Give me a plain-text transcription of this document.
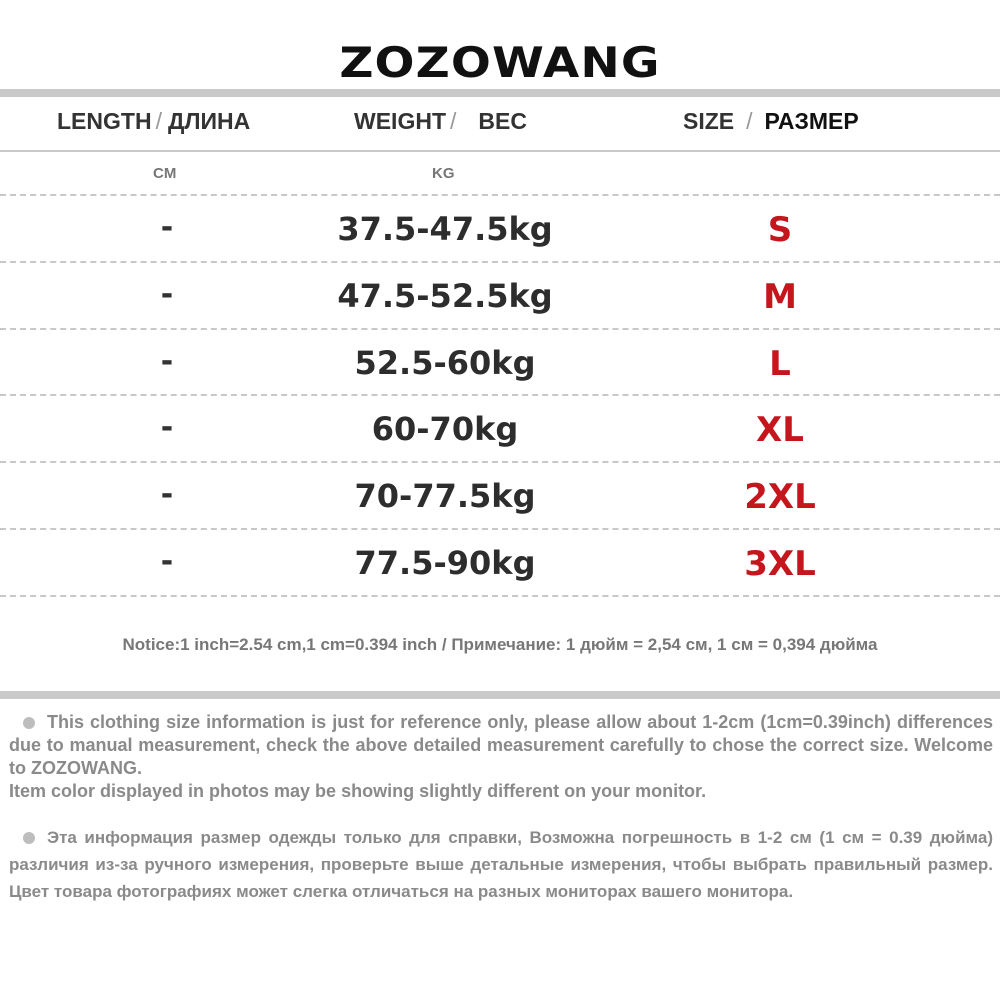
ZOZOWANG
LENGTH / ДЛИНА	WEIGHT / ВЕС	SIZE / РАЗМЕР
CM	KG
-	37.5-47.5kg	S
-	47.5-52.5kg	M
-	52.5-60kg	L
-	60-70kg	XL
-	70-77.5kg	2XL
-	77.5-90kg	3XL
Notice:1 inch=2.54 cm,1 cm=0.394 inch / Примечание: 1 дюйм = 2,54 см, 1 см = 0,394 дюйма
This clothing size information is just for reference only, please allow about 1-2cm (1cm=0.39inch) differences due to manual measurement, check the above detailed measurement carefully to chose the correct size. Welcome to ZOZOWANG.
Item color displayed in photos may be showing slightly different on your monitor.
Эта информация размер одежды только для справки, Возможна погрешность в 1-2 см (1 см = 0.39 дюйма) различия из-за ручного измерения, проверьте выше детальные измерения, чтобы выбрать правильный размер. Цвет товара фотографиях может слегка отличаться на разных мониторах вашего монитора.
